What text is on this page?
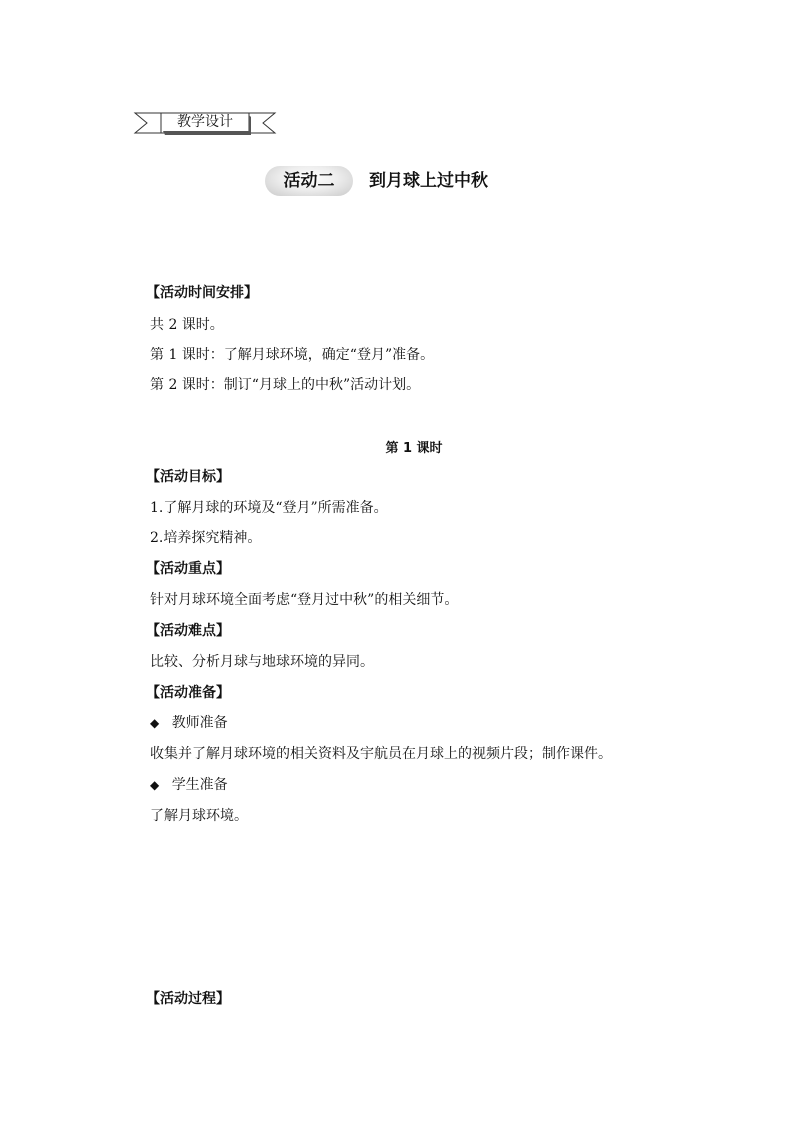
教学设计
活动二	到月球上过中秋
【活动时间安排】
共 2 课时。
第 1 课时：了解月球环境，确定“登月”准备。
第 2 课时：制订“月球上的中秋”活动计划。
第 1 课时
【活动目标】
1.了解月球的环境及“登月”所需准备。
2.培养探究精神。
【活动重点】
针对月球环境全面考虑“登月过中秋”的相关细节。
【活动难点】
比较、分析月球与地球环境的异同。
【活动准备】
◆ 教师准备
收集并了解月球环境的相关资料及宇航员在月球上的视频片段；制作课件。
◆ 学生准备
了解月球环境。
【活动过程】
